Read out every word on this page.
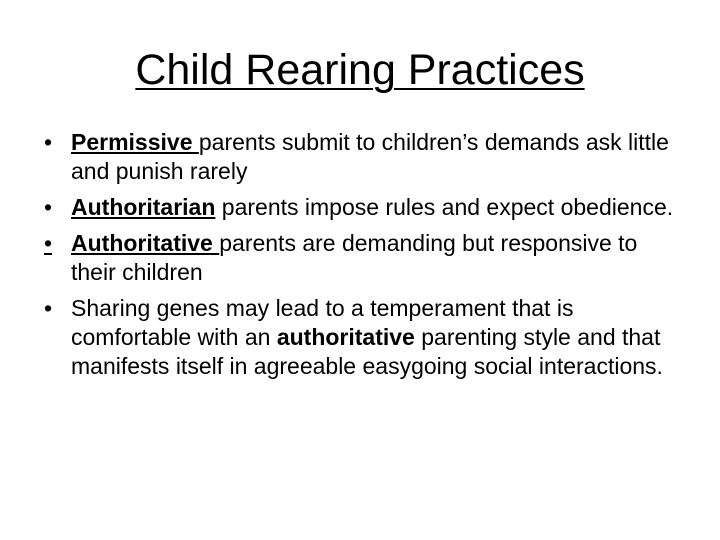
Child Rearing Practices
• Permissive parents submit to children’s demands ask little and punish rarely
• Authoritarian parents impose rules and expect obedience.
• Authoritative parents are demanding but responsive to their children
• Sharing genes may lead to a temperament that is comfortable with an authoritative parenting style and that manifests itself in agreeable easygoing social interactions.
